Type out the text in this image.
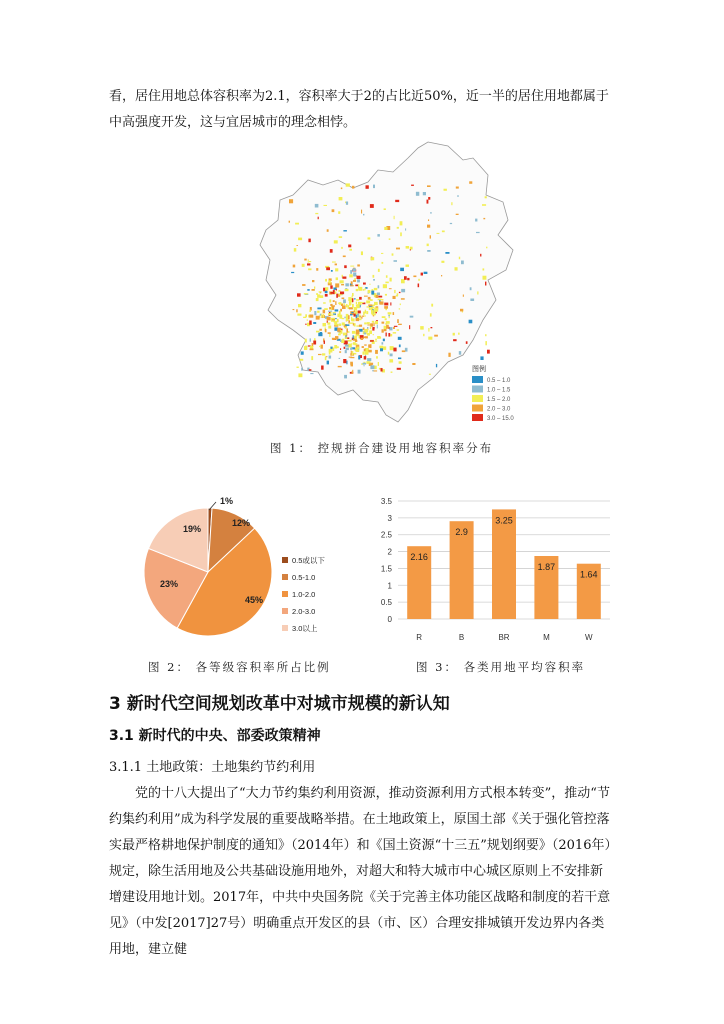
看，居住用地总体容积率为2.1，容积率大于2的占比近50%，近一半的居住用地都属于中高强度开发，这与宜居城市的理念相悖。

图例
0.5 – 1.0
1.0 – 1.5
1.5 – 2.0
2.0 – 3.0
3.0 – 15.0
图 1： 控规拼合建设用地容积率分布
1%
12%
45%
23%
19%
0.5或以下
0.5-1.0
1.0-2.0
2.0-3.0
3.0以上
0
0.5
1
1.5
2
2.5
3
3.5
2.16
R
2.9
B
3.25
BR
1.87
M
1.64
W
图 2： 各等级容积率所占比例	图 3： 各类用地平均容积率
3 新时代空间规划改革中对城市规模的新认知
3.1 新时代的中央、部委政策精神
3.1.1 土地政策：土地集约节约利用

党的十八大提出了“大力节约集约利用资源，推动资源利用方式根本转变”，推动“节约集约利用”成为科学发展的重要战略举措。在土地政策上，原国土部《关于强化管控落实最严格耕地保护制度的通知》（2014年）和《国土资源“十三五”规划纲要》（2016年）规定，除生活用地及公共基础设施用地外，对超大和特大城市中心城区原则上不安排新增建设用地计划。2017年，中共中央国务院《关于完善主体功能区战略和制度的若干意见》（中发[2017]27号）明确重点开发区的县（市、区）合理安排城镇开发边界内各类用地，建立健
